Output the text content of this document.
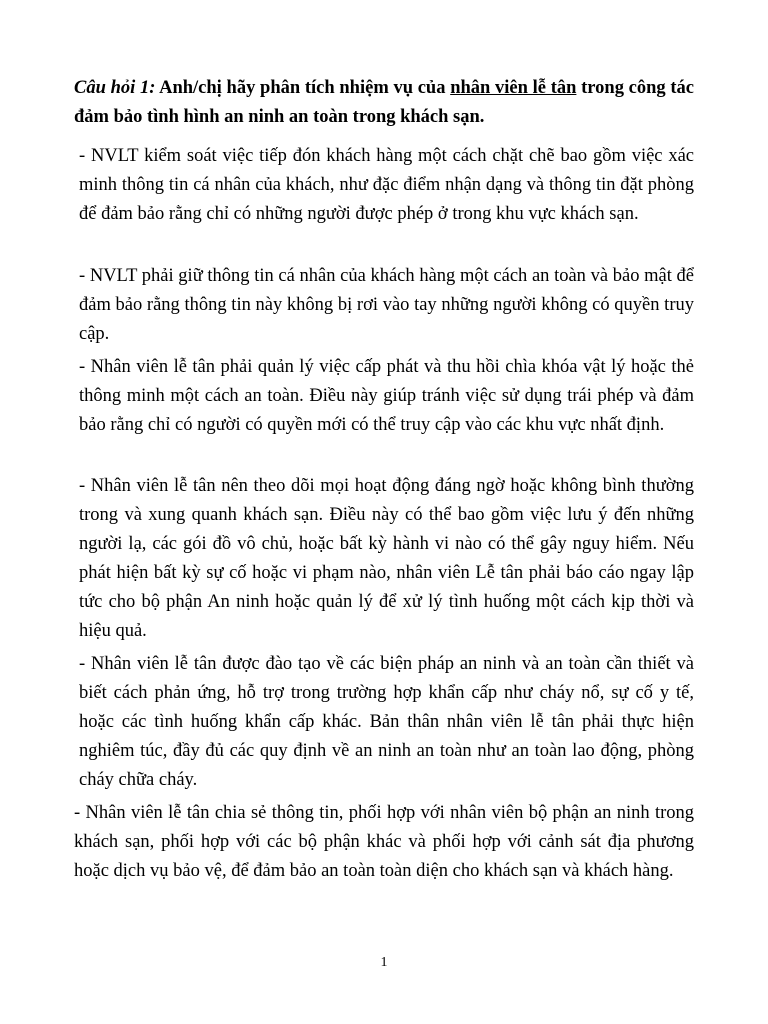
Câu hỏi 1: Anh/chị hãy phân tích nhiệm vụ của nhân viên lễ tân trong công tác đảm bảo tình hình an ninh an toàn trong khách sạn.
- NVLT kiểm soát việc tiếp đón khách hàng một cách chặt chẽ bao gồm việc xác minh thông tin cá nhân của khách, như đặc điểm nhận dạng và thông tin đặt phòng để đảm bảo rằng chỉ có những người được phép ở trong khu vực khách sạn.
- NVLT phải giữ thông tin cá nhân của khách hàng một cách an toàn và bảo mật để đảm bảo rằng thông tin này không bị rơi vào tay những người không có quyền truy cập.
- Nhân viên lễ tân phải quản lý việc cấp phát và thu hồi chìa khóa vật lý hoặc thẻ thông minh một cách an toàn. Điều này giúp tránh việc sử dụng trái phép và đảm bảo rằng chỉ có người có quyền mới có thể truy cập vào các khu vực nhất định.
- Nhân viên lễ tân nên theo dõi mọi hoạt động đáng ngờ hoặc không bình thường trong và xung quanh khách sạn. Điều này có thể bao gồm việc lưu ý đến những người lạ, các gói đồ vô chủ, hoặc bất kỳ hành vi nào có thể gây nguy hiểm. Nếu phát hiện bất kỳ sự cố hoặc vi phạm nào, nhân viên Lễ tân phải báo cáo ngay lập tức cho bộ phận An ninh hoặc quản lý để xử lý tình huống một cách kịp thời và hiệu quả.
- Nhân viên lễ tân được đào tạo về các biện pháp an ninh và an toàn cần thiết và biết cách phản ứng, hỗ trợ trong trường hợp khẩn cấp như cháy nổ, sự cố y tế, hoặc các tình huống khẩn cấp khác. Bản thân nhân viên lễ tân phải thực hiện nghiêm túc, đầy đủ các quy định về an ninh an toàn như an toàn lao động, phòng cháy chữa cháy.
- Nhân viên lễ tân chia sẻ thông tin, phối hợp với nhân viên bộ phận an ninh trong khách sạn, phối hợp với các bộ phận khác và phối hợp với cảnh sát địa phương hoặc dịch vụ bảo vệ, để đảm bảo an toàn toàn diện cho khách sạn và khách hàng.
1
